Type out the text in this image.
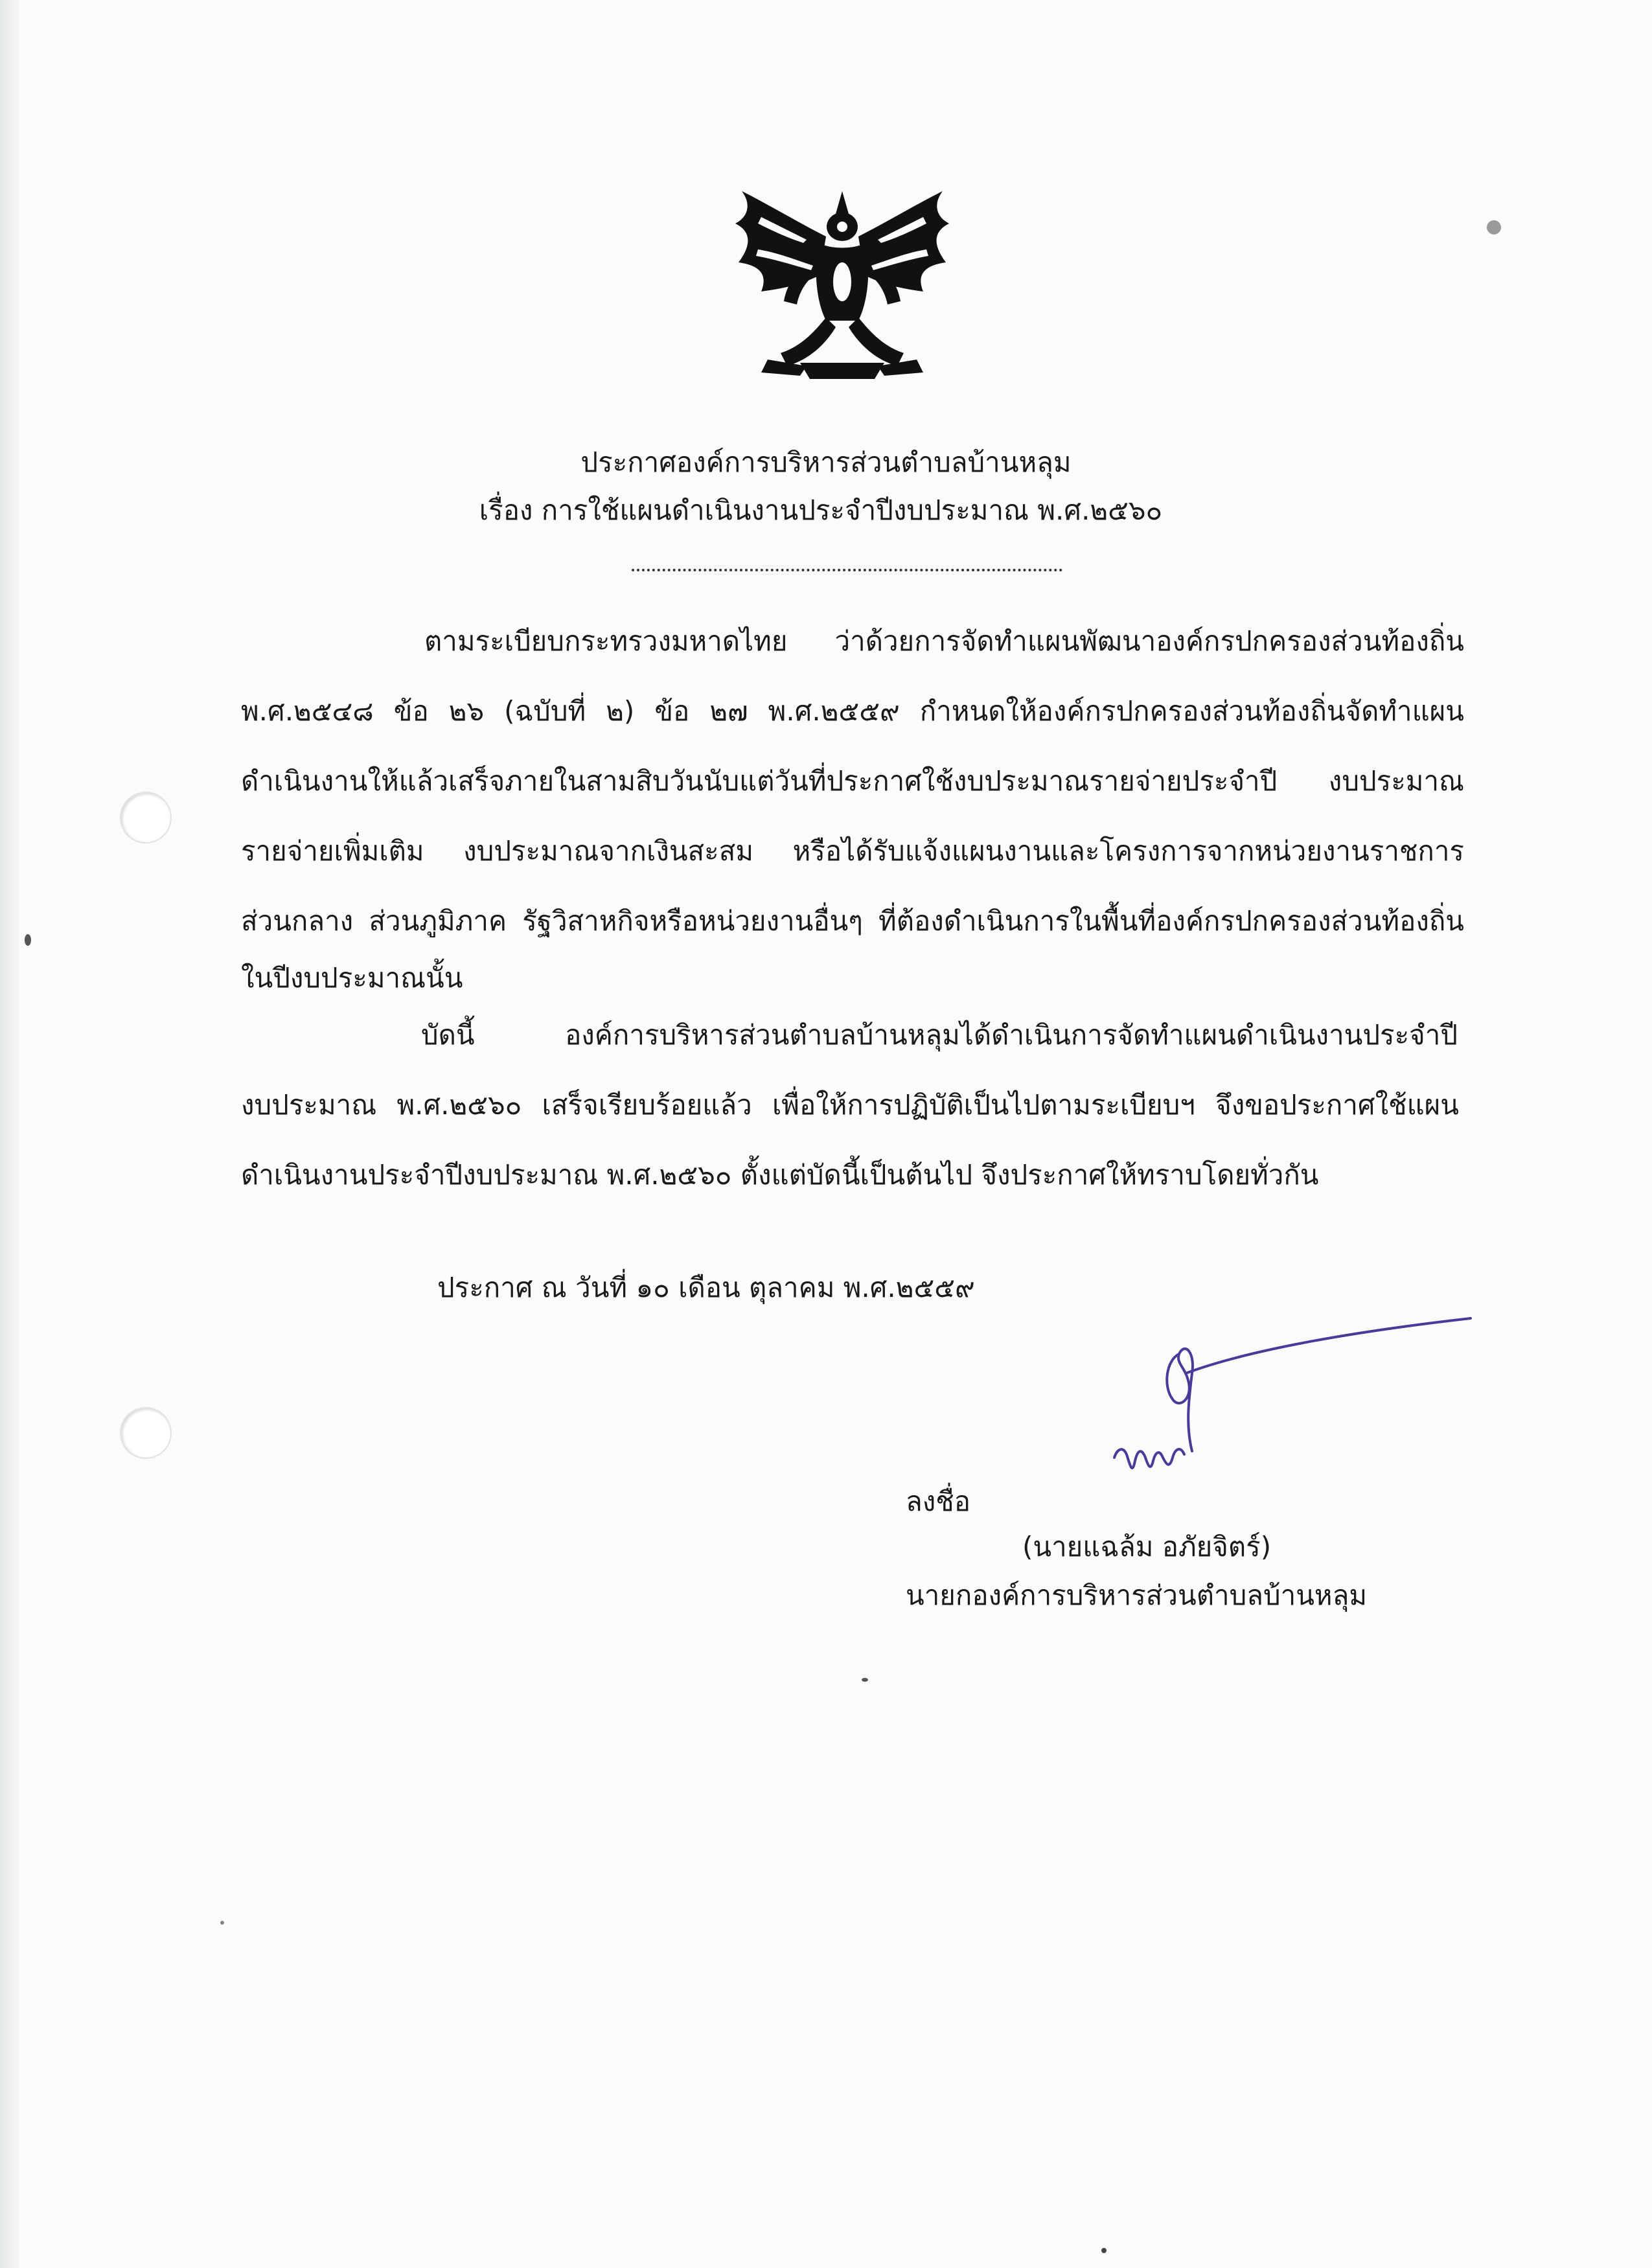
ประกาศองค์การบริหารส่วนตำบลบ้านหลุม
เรื่อง การใช้แผนดำเนินงานประจำปีงบประมาณ พ.ศ.๒๕๖๐
ตามระเบียบกระทรวงมหาดไทย ว่าด้วยการจัดทำแผนพัฒนาองค์กรปกครองส่วนท้องถิ่น
พ.ศ.๒๕๔๘ ข้อ ๒๖ (ฉบับที่ ๒) ข้อ ๒๗ พ.ศ.๒๕๕๙ กำหนดให้องค์กรปกครองส่วนท้องถิ่นจัดทำแผน
ดำเนินงานให้แล้วเสร็จภายในสามสิบวันนับแต่วันที่ประกาศใช้งบประมาณรายจ่ายประจำปี งบประมาณ
รายจ่ายเพิ่มเติม งบประมาณจากเงินสะสม หรือได้รับแจ้งแผนงานและโครงการจากหน่วยงานราชการ
ส่วนกลาง ส่วนภูมิภาค รัฐวิสาหกิจหรือหน่วยงานอื่นๆ ที่ต้องดำเนินการในพื้นที่องค์กรปกครองส่วนท้องถิ่น
ในปีงบประมาณนั้น
บัดนี้ องค์การบริหารส่วนตำบลบ้านหลุมได้ดำเนินการจัดทำแผนดำเนินงานประจำปี
งบประมาณ พ.ศ.๒๕๖๐ เสร็จเรียบร้อยแล้ว เพื่อให้การปฏิบัติเป็นไปตามระเบียบฯ จึงขอประกาศใช้แผน
ดำเนินงานประจำปีงบประมาณ พ.ศ.๒๕๖๐ ตั้งแต่บัดนี้เป็นต้นไป จึงประกาศให้ทราบโดยทั่วกัน
ประกาศ ณ วันที่ ๑๐ เดือน ตุลาคม พ.ศ.๒๕๕๙
ลงชื่อ
(นายแฉล้ม อภัยจิตร์)
นายกองค์การบริหารส่วนตำบลบ้านหลุม
